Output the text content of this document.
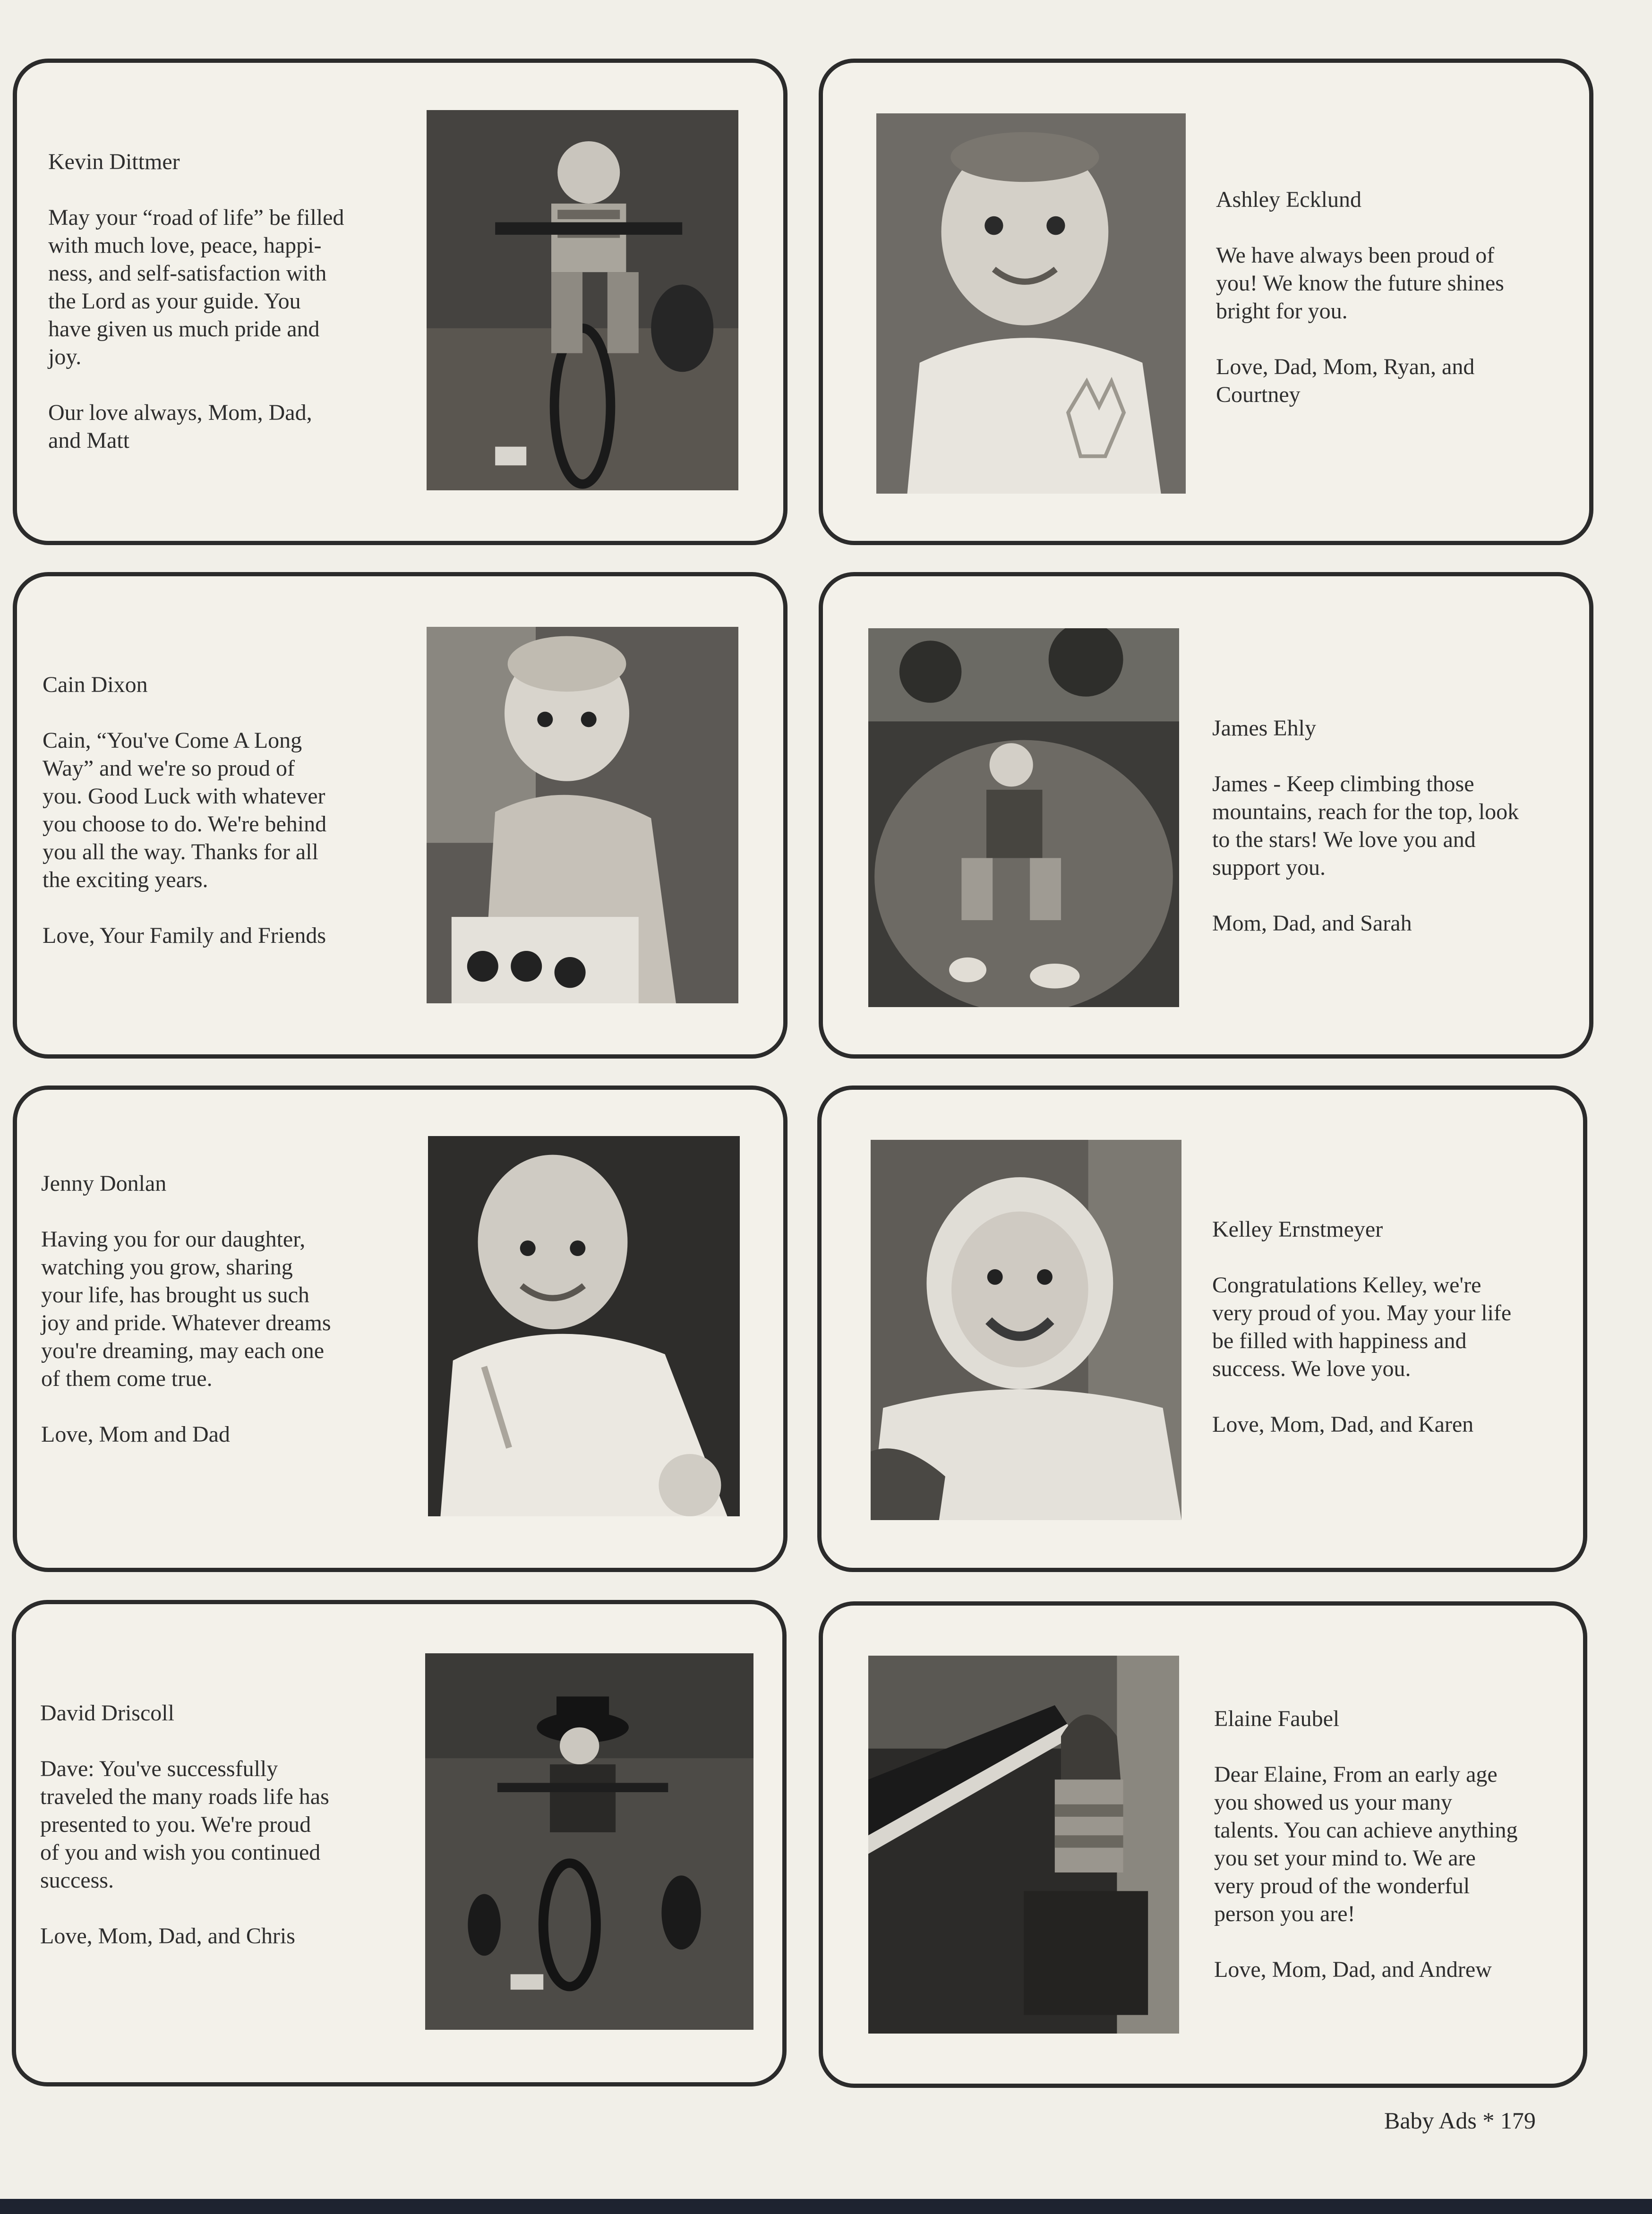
Kevin Dittmer
May your “road of life” be filled
with much love, peace, happi-
ness, and self-satisfaction with
the Lord as your guide. You
have given us much pride and
joy.
Our love always, Mom, Dad,
and Matt
Ashley Ecklund
We have always been proud of
you! We know the future shines
bright for you.
Love, Dad, Mom, Ryan, and
Courtney
Cain Dixon
Cain, “You've Come A Long
Way” and we're so proud of
you. Good Luck with whatever
you choose to do. We're behind
you all the way. Thanks for all
the exciting years.
Love, Your Family and Friends
James Ehly
James - Keep climbing those
mountains, reach for the top, look
to the stars! We love you and
support you.
Mom, Dad, and Sarah
Jenny Donlan
Having you for our daughter,
watching you grow, sharing
your life, has brought us such
joy and pride. Whatever dreams
you're dreaming, may each one
of them come true.
Love, Mom and Dad
Kelley Ernstmeyer
Congratulations Kelley, we're
very proud of you. May your life
be filled with happiness and
success. We love you.
Love, Mom, Dad, and Karen
David Driscoll
Dave: You've successfully
traveled the many roads life has
presented to you. We're proud
of you and wish you continued
success.
Love, Mom, Dad, and Chris
Elaine Faubel
Dear Elaine, From an early age
you showed us your many
talents. You can achieve anything
you set your mind to. We are
very proud of the wonderful
person you are!
Love, Mom, Dad, and Andrew
Baby Ads * 179
